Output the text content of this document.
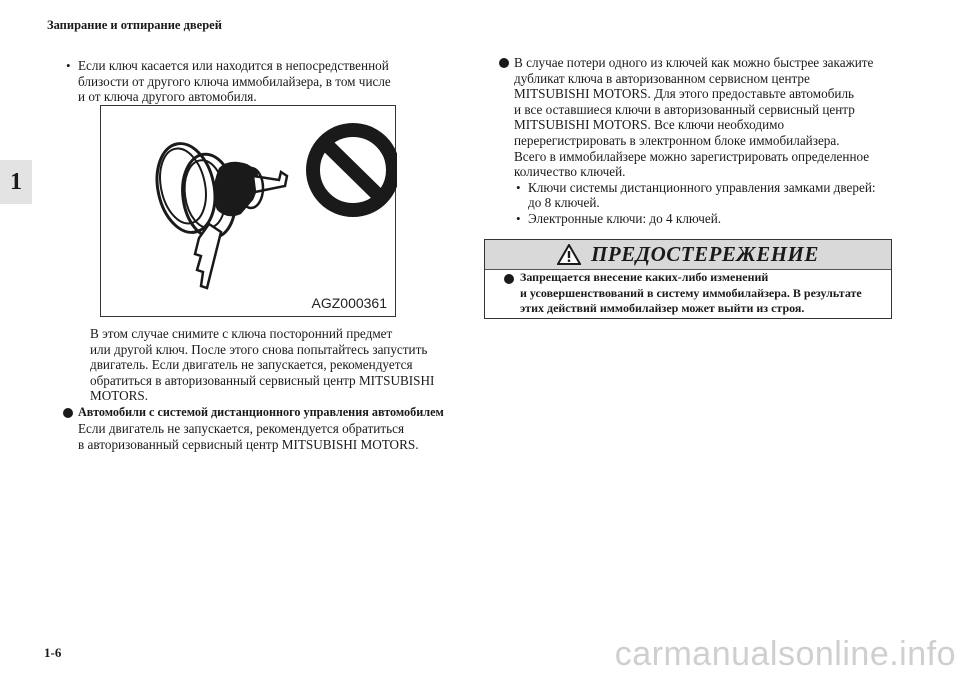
Запирание и отпирание дверей
1
• Если ключ касается или находится в непосредственной
близости от другого ключа иммобилайзера, в том числе
и от ключа другого автомобиля.
AGZ000361
В этом случае снимите с ключа посторонний предмет
или другой ключ. После этого снова попытайтесь запустить
двигатель. Если двигатель не запускается, рекомендуется
обратиться в авторизованный сервисный центр MITSUBISHI
MOTORS.
Автомобили с системой дистанционного управления автомобилем
Если двигатель не запускается, рекомендуется обратиться
в авторизованный сервисный центр MITSUBISHI MOTORS.
В случае потери одного из ключей как можно быстрее закажите
дубликат ключа в авторизованном сервисном центре
MITSUBISHI MOTORS. Для этого предоставьте автомобиль
и все оставшиеся ключи в авторизованный сервисный центр
MITSUBISHI MOTORS. Все ключи необходимо
перерегистрировать в электронном блоке иммобилайзера.
Всего в иммобилайзере можно зарегистрировать определенное
количество ключей.
• Ключи системы дистанционного управления замками дверей:
до 8 ключей.
• Электронные ключи: до 4 ключей.
ПРЕДОСТЕРЕЖЕНИЕ
Запрещается внесение каких-либо изменений
и усовершенствований в систему иммобилайзера. В результате
этих действий иммобилайзер может выйти из строя.
1-6	carmanualsonline.info
